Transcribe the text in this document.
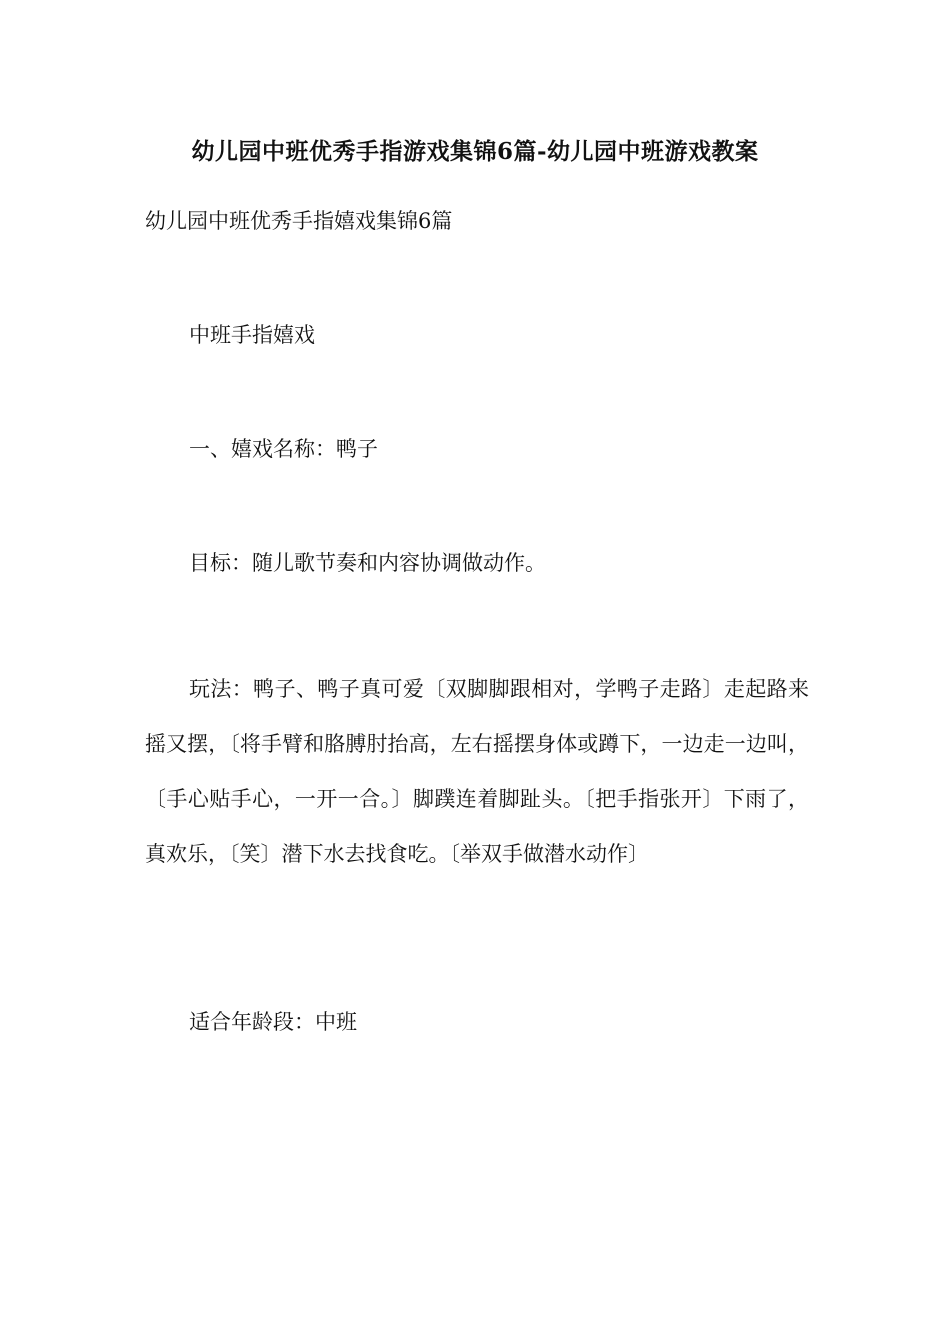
幼儿园中班优秀手指游戏集锦6篇-幼儿园中班游戏教案
幼儿园中班优秀手指嬉戏集锦6篇
中班手指嬉戏
一、嬉戏名称：鸭子
目标：随儿歌节奏和内容协调做动作。
玩法：鸭子、鸭子真可爱〔双脚脚跟相对，学鸭子走路〕走起路来摇又摆，〔将手臂和胳膊肘抬高，左右摇摆身体或蹲下，一边走一边叫，〔手心贴手心，一开一合。〕脚蹼连着脚趾头。〔把手指张开〕下雨了，真欢乐，〔笑〕潜下水去找食吃。〔举双手做潜水动作〕
适合年龄段：中班
